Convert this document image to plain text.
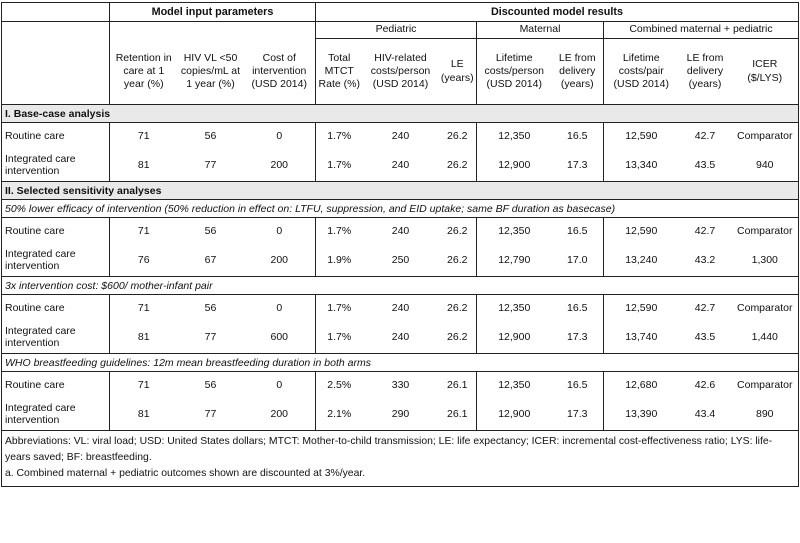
	Model input parameters			Discounted model results							
				Pediatric			Maternal		Combined maternal + pediatric		
	Retention in care at 1 year (%)	HIV VL <50 copies/mL at 1 year (%)	Cost of intervention (USD 2014)	Total MTCT Rate (%)	HIV-related costs/person (USD 2014)	LE (years)	Lifetime costs/person (USD 2014)	LE from delivery (years)	Lifetime costs/pair (USD 2014)	LE from delivery (years)	ICER ($/LYS)
I. Base-case analysis											
Routine care	71	56	0	1.7%	240	26.2	12,350	16.5	12,590	42.7	Comparator
Integrated care intervention	81	77	200	1.7%	240	26.2	12,900	17.3	13,340	43.5	940
II. Selected sensitivity analyses											
50% lower efficacy of intervention (50% reduction in effect on: LTFU, suppression, and EID uptake; same BF duration as basecase)											
Routine care	71	56	0	1.7%	240	26.2	12,350	16.5	12,590	42.7	Comparator
Integrated care intervention	76	67	200	1.9%	250	26.2	12,790	17.0	13,240	43.2	1,300
3x intervention cost: $600/ mother-infant pair											
Routine care	71	56	0	1.7%	240	26.2	12,350	16.5	12,590	42.7	Comparator
Integrated care intervention	81	77	600	1.7%	240	26.2	12,900	17.3	13,740	43.5	1,440
WHO breastfeeding guidelines: 12m mean breastfeeding duration in both arms											
Routine care	71	56	0	2.5%	330	26.1	12,350	16.5	12,680	42.6	Comparator
Integrated care intervention	81	77	200	2.1%	290	26.1	12,900	17.3	13,390	43.4	890

Abbreviations: VL: viral load; USD: United States dollars; MTCT: Mother-to-child transmission; LE: life expectancy; ICER: incremental cost-effectiveness ratio; LYS: life-years saved; BF: breastfeeding.
a. Combined maternal + pediatric outcomes shown are discounted at 3%/year.											
